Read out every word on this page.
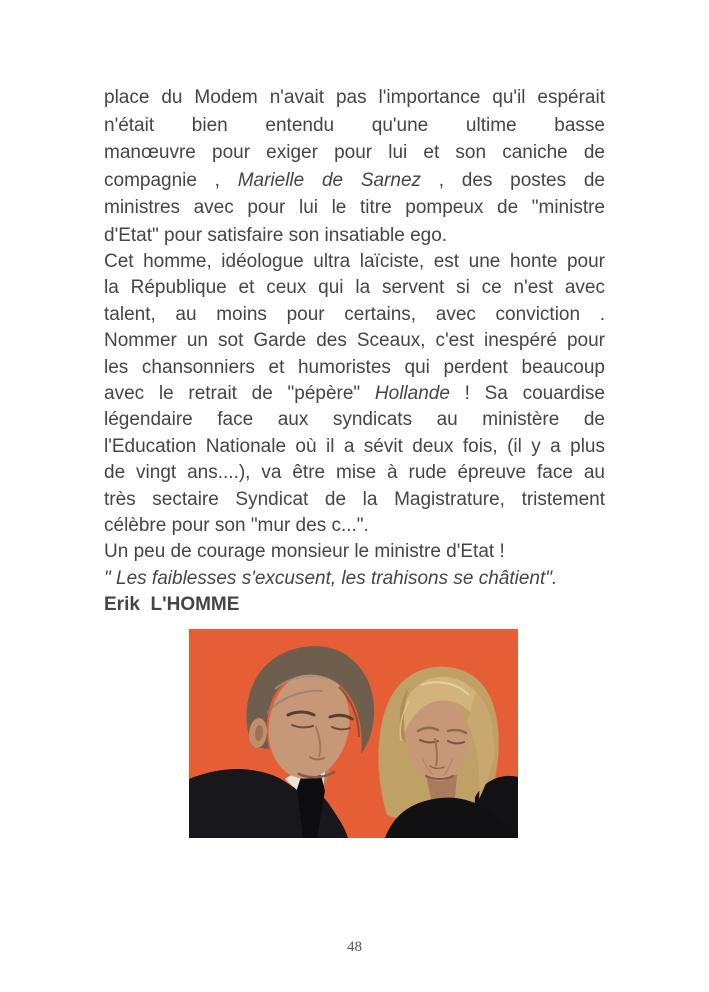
place du Modem n'avait pas l'importance qu'il espérait
n'était bien entendu qu'une ultime basse
manœuvre pour exiger pour lui et son caniche de
compagnie , Marielle de Sarnez , des postes de
ministres avec pour lui le titre pompeux de "ministre
d'Etat" pour satisfaire son insatiable ego.
Cet homme, idéologue ultra laïciste, est une honte pour
la République et ceux qui la servent si ce n'est avec
talent, au moins pour certains, avec conviction .
Nommer un sot Garde des Sceaux, c'est inespéré pour
les chansonniers et humoristes qui perdent beaucoup
avec le retrait de "pépère" Hollande ! Sa couardise
légendaire face aux syndicats au ministère de
l'Education Nationale où il a sévit deux fois, (il y a plus
de vingt ans....), va être mise à rude épreuve face au
très sectaire Syndicat de la Magistrature, tristement
célèbre pour son "mur des c...".
Un peu de courage monsieur le ministre d'Etat !
" Les faiblesses s'excusent, les trahisons se châtient".
Erik  L'HOMME
48
